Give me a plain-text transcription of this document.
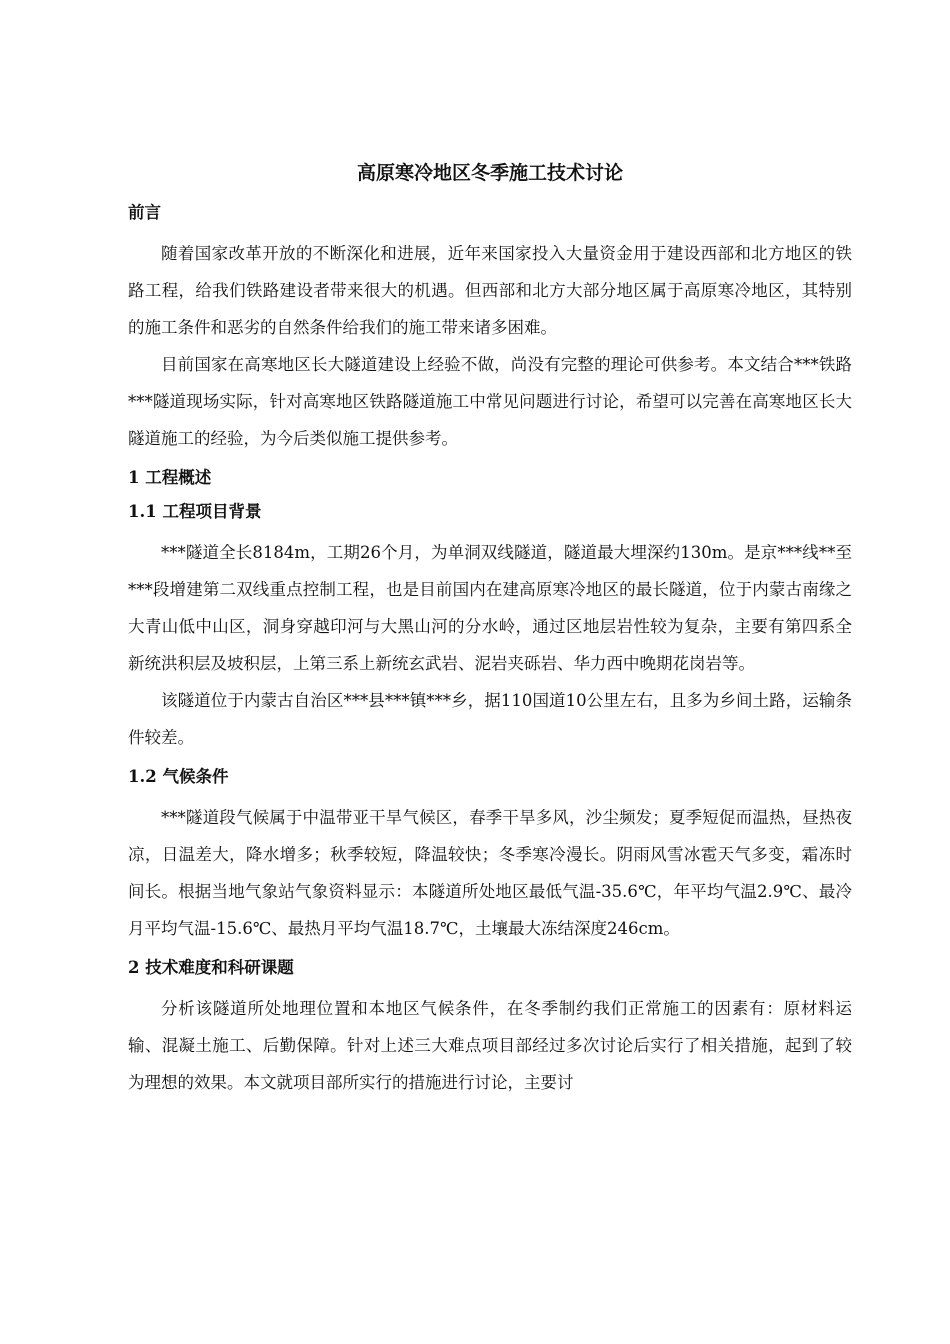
高原寒冷地区冬季施工技术讨论
前言

随着国家改革开放的不断深化和进展，近年来国家投入大量资金用于建设西部和北方地区的铁路工程，给我们铁路建设者带来很大的机遇。但西部和北方大部分地区属于高原寒冷地区，其特别的施工条件和恶劣的自然条件给我们的施工带来诸多困难。

目前国家在高寒地区长大隧道建设上经验不做，尚没有完整的理论可供参考。本文结合***铁路***隧道现场实际，针对高寒地区铁路隧道施工中常见问题进行讨论，希望可以完善在高寒地区长大隧道施工的经验，为今后类似施工提供参考。

1 工程概述
1.1 工程项目背景

***隧道全长8184m，工期26个月，为单洞双线隧道，隧道最大埋深约130m。是京***线**至***段增建第二双线重点控制工程，也是目前国内在建高原寒冷地区的最长隧道，位于内蒙古南缘之大青山低中山区，洞身穿越印河与大黑山河的分水岭，通过区地层岩性较为复杂，主要有第四系全新统洪积层及坡积层，上第三系上新统玄武岩、泥岩夹砾岩、华力西中晚期花岗岩等。

该隧道位于内蒙古自治区***县***镇***乡，据110国道10公里左右，且多为乡间土路，运输条件较差。

1.2 气候条件

***隧道段气候属于中温带亚干旱气候区，春季干旱多风，沙尘频发；夏季短促而温热，昼热夜凉，日温差大，降水增多；秋季较短，降温较快；冬季寒冷漫长。阴雨风雪冰雹天气多变，霜冻时间长。根据当地气象站气象资料显示：本隧道所处地区最低气温-35.6℃，年平均气温2.9℃、最冷月平均气温-15.6℃、最热月平均气温18.7℃，土壤最大冻结深度246cm。

2 技术难度和科研课题

分析该隧道所处地理位置和本地区气候条件，在冬季制约我们正常施工的因素有：原材料运输、混凝土施工、后勤保障。针对上述三大难点项目部经过多次讨论后实行了相关措施，起到了较为理想的效果。本文就项目部所实行的措施进行讨论，主要讨
